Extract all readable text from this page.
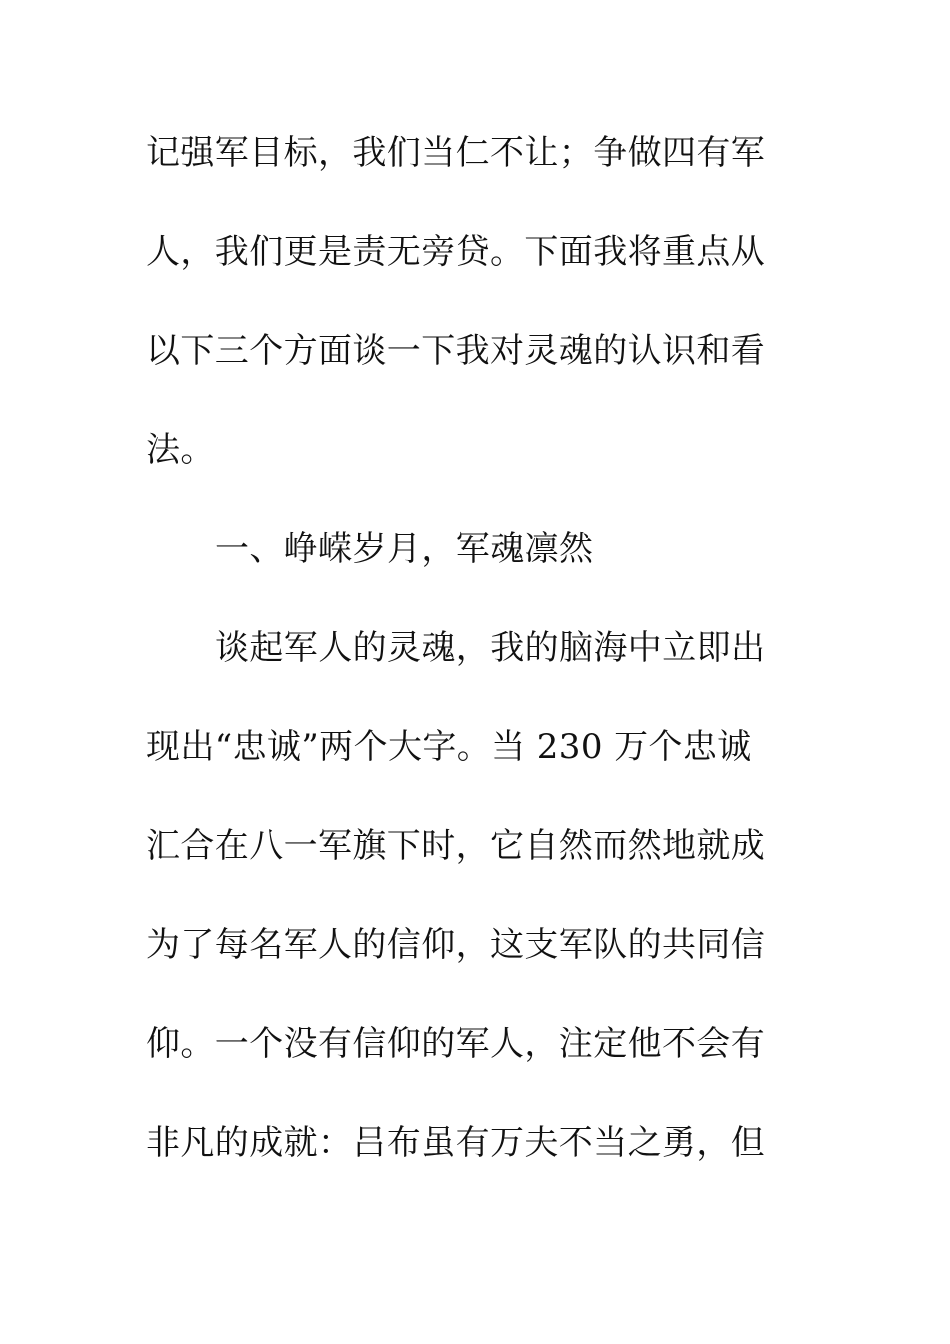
记强军目标，我们当仁不让；争做四有军
人，我们更是责无旁贷。下面我将重点从
以下三个方面谈一下我对灵魂的认识和看
法。
一、峥嵘岁月，军魂凛然
谈起军人的灵魂，我的脑海中立即出
现出“忠诚”两个大字。当 230 万个忠诚
汇合在八一军旗下时，它自然而然地就成
为了每名军人的信仰，这支军队的共同信
仰。一个没有信仰的军人，注定他不会有
非凡的成就：吕布虽有万夫不当之勇，但
